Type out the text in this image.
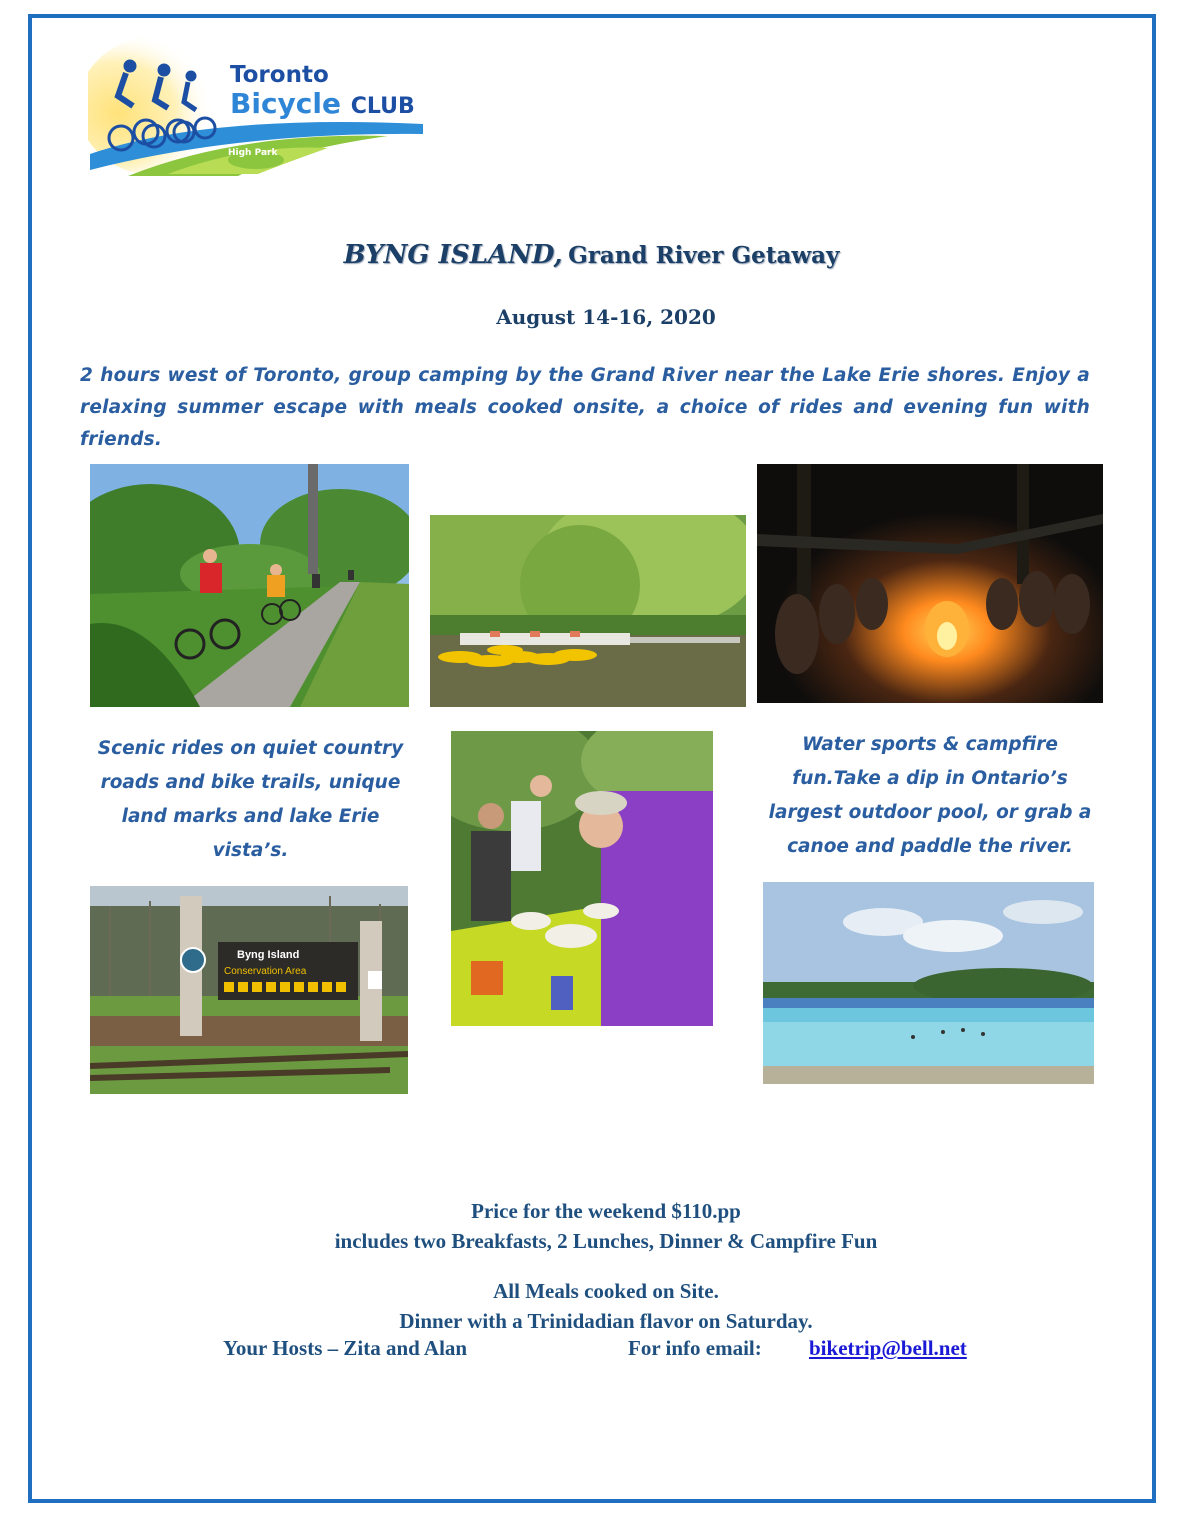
Toronto
Bicycle CLUB
High Park
BYNG ISLAND, Grand River Getaway
August 14-16, 2020
2 hours west of Toronto, group camping by the Grand River near the Lake Erie shores. Enjoy a relaxing summer escape with meals cooked onsite, a choice of rides and evening fun with friends.
Scenic rides on quiet country roads and bike trails, unique land marks and lake Erie vista’s.
Water sports & campfire fun.Take a dip in Ontario’s largest outdoor pool, or grab a canoe and paddle the river.
Byng Island
Conservation Area
Price for the weekend $110.pp
includes two Breakfasts, 2 Lunches, Dinner & Campfire Fun
All Meals cooked on Site.
Dinner with a Trinidadian flavor on Saturday.
Your Hosts – Zita and Alan	For info email: biketrip@bell.net
